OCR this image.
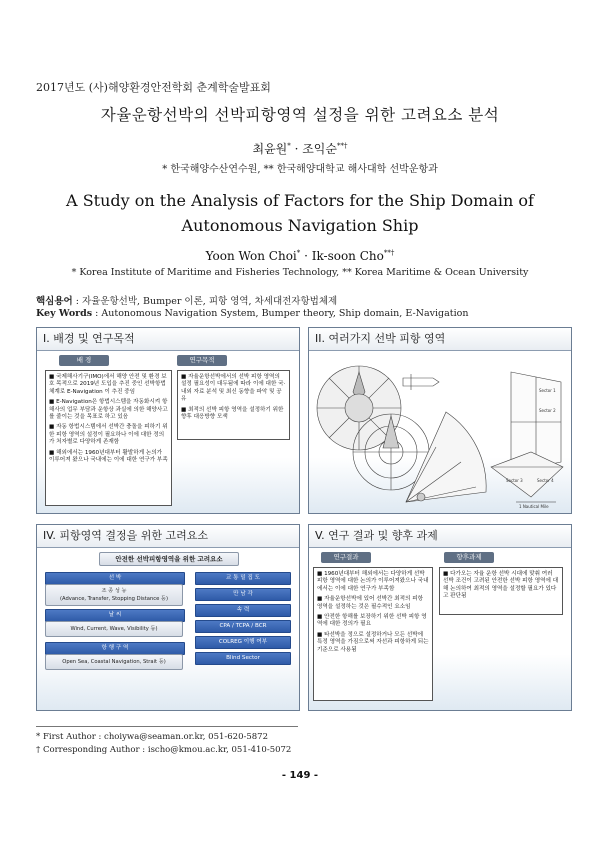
2017년도 (사)해양환경안전학회 춘계학술발표회
자율운항선박의 선박피항영역 설정을 위한 고려요소 분석
최윤원* · 조익순**†
* 한국해양수산연수원, ** 한국해양대학교 해사대학 선박운항과
A Study on the Analysis of Factors for the Ship Domain of Autonomous Navigation Ship
Yoon Won Choi* · Ik-soon Cho**†
* Korea Institute of Maritime and Fisheries Technology, ** Korea Maritime & Ocean University
핵심용어 : 자율운항선박, Bumper 이론, 피항 영역, 차세대전자항법체제
Key Words : Autonomous Navigation System, Bumper theory, Ship domain, E-Navigation
I. 배경 및 연구목적
배 경	연구목적

■ 국제해사기구(IMO)에서 해양 안전 및 환경 보호 목적으로 2019년 도입을 추진 중인 선박항법체계로 E-Navigation 이 추진 중임

■ E-Navigation은 항법시스템을 자동화시켜 항해사의 업무 부담과 운항상 과실에 의한 해양사고를 줄이는 것을 목표로 하고 있음

■ 자동 항법시스템에서 선박간 충돌을 피하기 위한 피항 영역의 설정이 필요하나 이에 대한 정의가 처자별로 다양하게 존재함

■ 해외에서는 1960년대부터 활발하게 논의가 이루어져 왔으나 국내에는 이에 대한 연구가 부족

■ 자율운항선박에서의 선박 피항 영역의 설정 필요성이 대두됨에 따라 이에 대한 국·내외 자료 분석 및 최신 동향을 파악 및 공유

■ 최적의 선박 피항 영역을 설정하기 위한 향후 대응방향 모색

II. 여러가지 선박 피항 영역
Sector 1
Sector 2
Sector 3	Sector 4
1 Nautical Mile
IV. 피항영역 결정을 위한 고려요소
안전한 선박피항영역을 위한 고려요소
선 박
조 종 성 능
(Advance, Transfer, Stopping Distance 등)
날 씨
Wind, Current, Wave, Visibility 등)
항 행 구 역
Open Sea, Coastal Navigation, Strait 등)
교 통 밀 집 도
만 남 각
속 력
CPA / TCPA / BCR
COLREG 이행 여부
Blind Sector
V. 연구 결과 및 향후 과제
연구결과	향후과제

■ 1960년대부터 해외에서는 다양하게 선박 피항 영역에 대한 논의가 이루어져왔으나 국내에서는 이에 대한 연구가 부족함

■ 자율운항선박에 있어 선박간 최적의 피항 영역을 설정하는 것은 필수적인 요소임

■ 안전한 항해를 보장하기 위한 선박 피항 영역에 대한 정의가 필요

■ 타선박을 정으로 설정하거나 모든 선박에 특정 영역을 가짐으로써 자선과 피항하게 되는 기준으로 사용됨

■ 다가오는 자율 운항 선박 시대에 맞춰 여러 선박 조건이 고려된 안전한 선박 피항 영역에 대해 논의하여 최적의 영역을 설정할 필요가 있다고 판단됨

* First Author : choiywa@seaman.or.kr, 051-620-5872
† Corresponding Author : ischo@kmou.ac.kr, 051-410-5072
- 149 -
